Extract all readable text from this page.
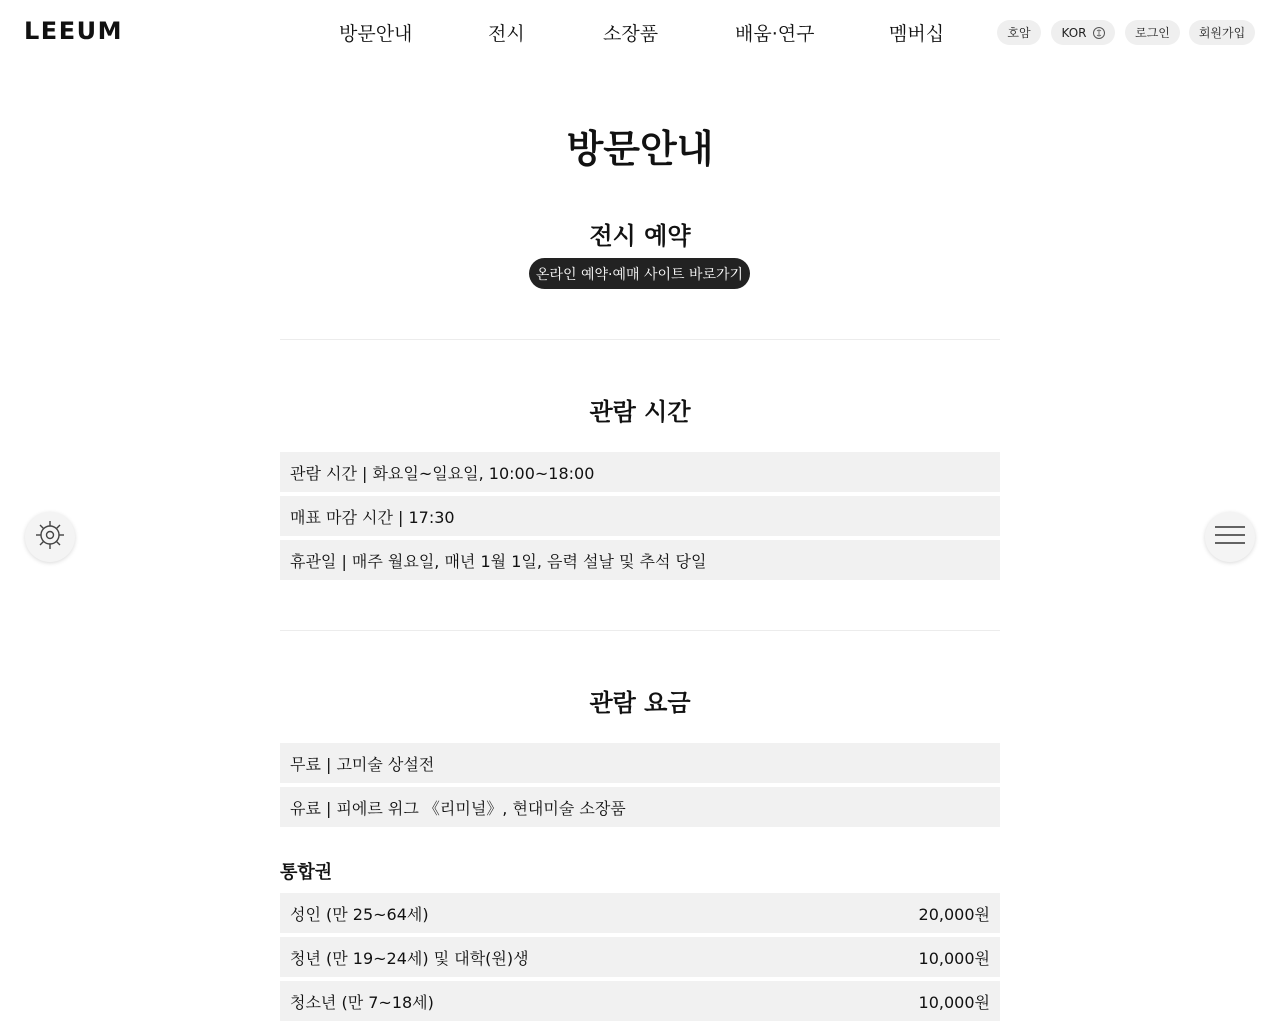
LEEUM	방문안내	전시	소장품	배움·연구	멤버십	호암	KOR	로그인	회원가입
방문안내
전시 예약
온라인 예약·예매 사이트 바로가기
관람 시간
관람 시간 | 화요일~일요일, 10:00~18:00
매표 마감 시간 | 17:30
휴관일 | 매주 월요일, 매년 1월 1일, 음력 설날 및 추석 당일
관람 요금
무료 | 고미술 상설전
유료 | 피에르 위그 《리미널》, 현대미술 소장품
통합권
성인 (만 25~64세)	20,000원
청년 (만 19~24세) 및 대학(원)생	10,000원
청소년 (만 7~18세)	10,000원
